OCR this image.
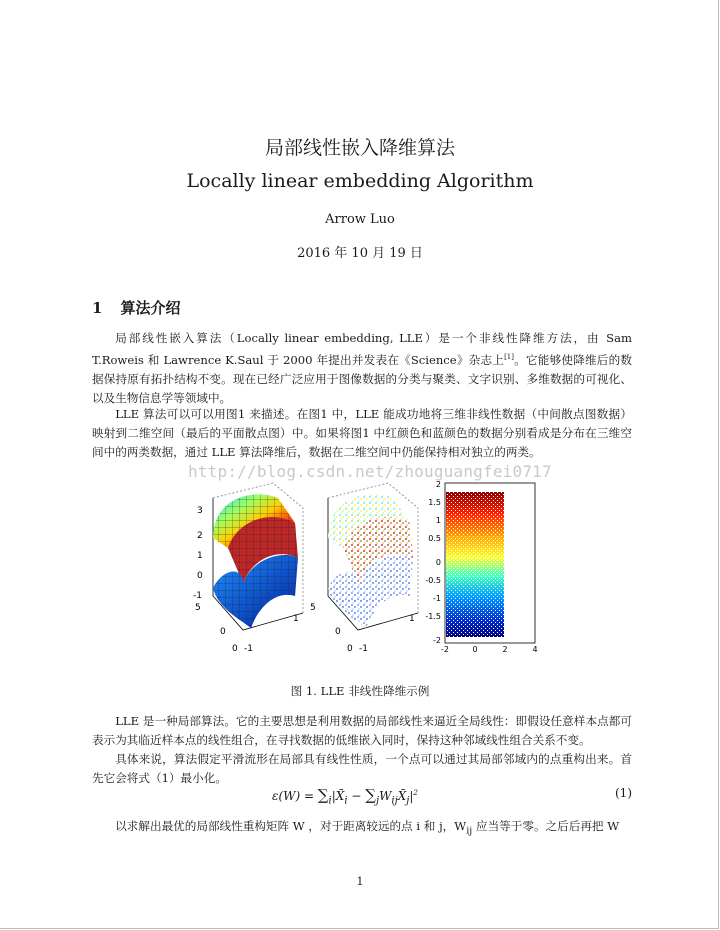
局部线性嵌入降维算法
Locally linear embedding Algorithm
Arrow Luo
2016 年 10 月 19 日
1 算法介绍
局部线性嵌入算法（Locally linear embedding, LLE）是一个非线性降维方法，由 Sam T.Roweis 和 Lawrence K.Saul 于 2000 年提出并发表在《Science》杂志上[1]。它能够使降维后的数据保持原有拓扑结构不变。现在已经广泛应用于图像数据的分类与聚类、文字识别、多维数据的可视化、以及生物信息学等领域中。
LLE 算法可以可以用图1 来描述。在图1 中，LLE 能成功地将三维非线性数据（中间散点图数据）映射到二维空间（最后的平面散点图）中。如果将图1 中红颜色和蓝颜色的数据分别看成是分布在三维空间中的两类数据，通过 LLE 算法降维后，数据在二维空间中仍能保持相对独立的两类。
http://blog.csdn.net/zhouguangfei0717
3
2
1
0
-1
5
0
0 -1
1
5
0
0 -1
1
2
1.5
1
0.5
0
-0.5
-1
-1.5
-2
-2	0	2	4
图 1. LLE 非线性降维示例
LLE 是一种局部算法。它的主要思想是利用数据的局部线性来逼近全局线性：即假设任意样本点都可表示为其临近样本点的线性组合，在寻找数据的低维嵌入同时，保持这种邻域线性组合关系不变。
具体来说，算法假定平滑流形在局部具有线性性质，一个点可以通过其局部邻域内的点重构出来。首先它会将式（1）最小化。
$\varepsilon(W) = \sum_i|X̄_i$ − $\sum_jW_{ij}X̄_j|^2$	(1)
以求解出最优的局部线性重构矩阵 W ，对于距离较远的点 i 和 j，$W_{ij}$ 应当等于零。之后后再把 W
1
